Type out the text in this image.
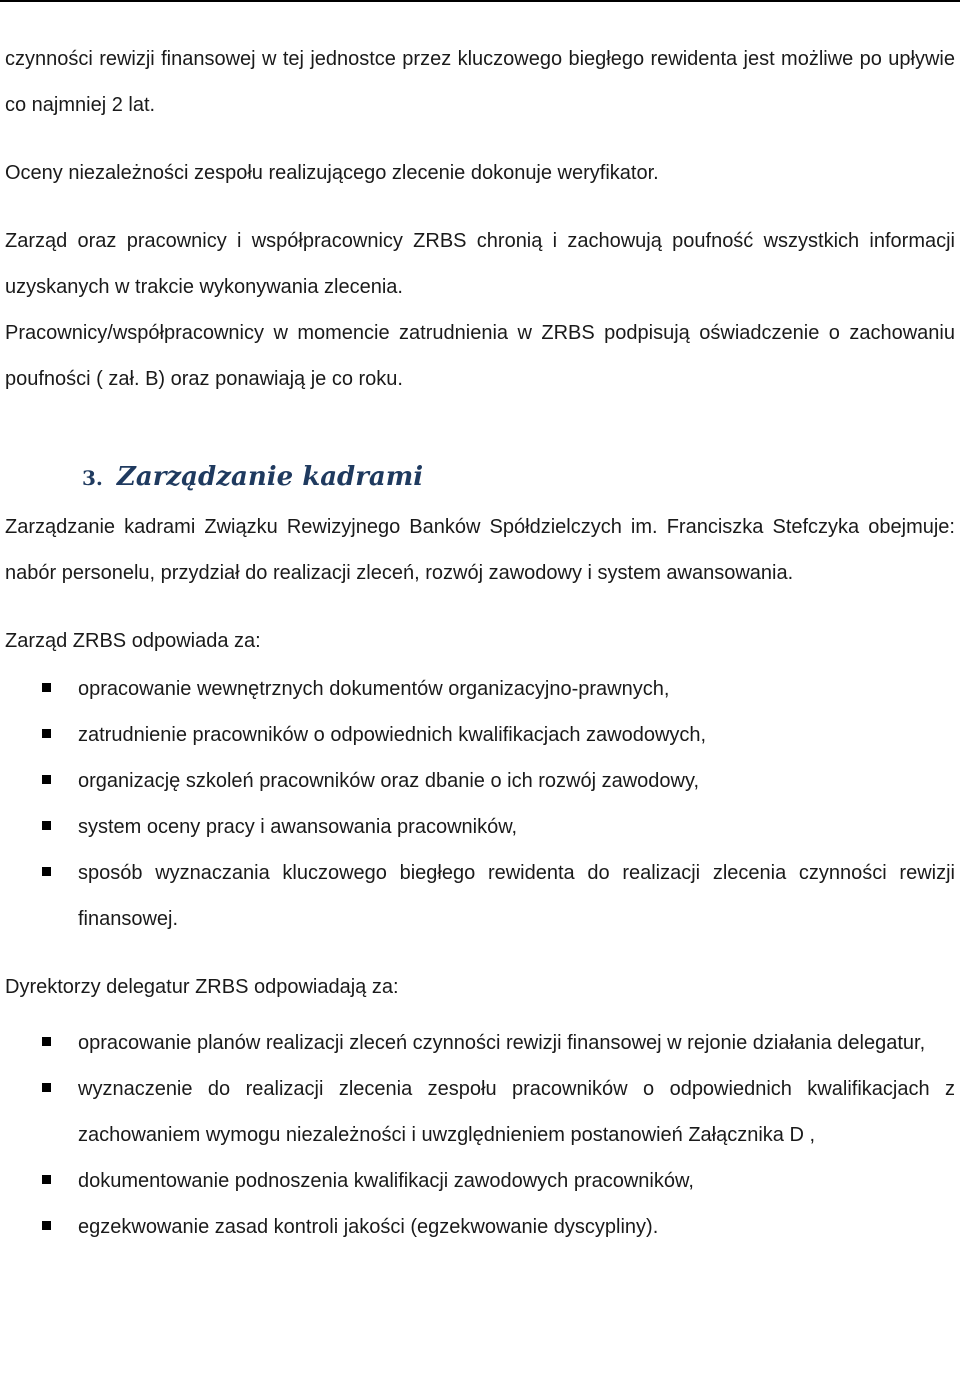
czynności rewizji finansowej w tej jednostce przez kluczowego biegłego rewidenta jest możliwe po upływie co najmniej 2 lat.

Oceny niezależności zespołu realizującego zlecenie dokonuje weryfikator.

Zarząd oraz pracownicy i współpracownicy ZRBS chronią i zachowują poufność wszystkich informacji uzyskanych w trakcie wykonywania zlecenia.

Pracownicy/współpracownicy w momencie zatrudnienia w ZRBS podpisują oświadczenie o zachowaniu poufności ( zał. B) oraz ponawiają je co roku.

3. Zarządzanie kadrami

Zarządzanie kadrami Związku Rewizyjnego Banków Spółdzielczych im. Franciszka Stefczyka obejmuje: nabór personelu, przydział do realizacji zleceń, rozwój zawodowy i system awansowania.

Zarząd ZRBS odpowiada za:

opracowanie wewnętrznych dokumentów organizacyjno-prawnych,
zatrudnienie pracowników o odpowiednich kwalifikacjach zawodowych,
organizację szkoleń pracowników oraz dbanie o ich rozwój zawodowy,
system oceny pracy i awansowania pracowników,
sposób wyznaczania kluczowego biegłego rewidenta do realizacji zlecenia czynności rewizji finansowej.

Dyrektorzy delegatur ZRBS odpowiadają za:

opracowanie planów realizacji zleceń czynności rewizji finansowej w rejonie działania delegatur,
wyznaczenie do realizacji zlecenia zespołu pracowników o odpowiednich kwalifikacjach z zachowaniem wymogu niezależności i uwzględnieniem postanowień Załącznika D ,
dokumentowanie podnoszenia kwalifikacji zawodowych pracowników,
egzekwowanie zasad kontroli jakości (egzekwowanie dyscypliny).
